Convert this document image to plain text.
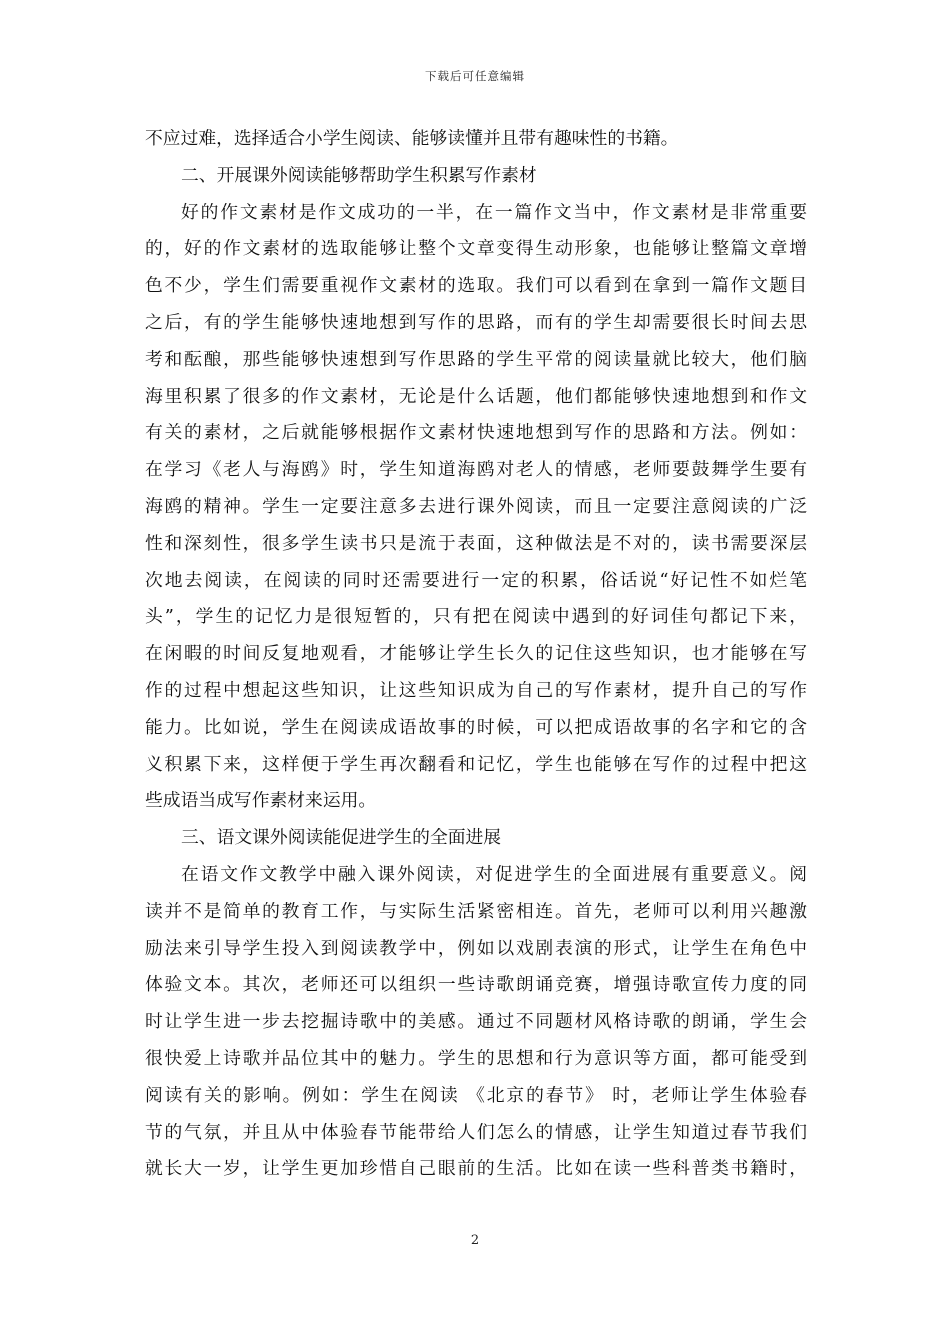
下载后可任意编辑
不应过难，选择适合小学生阅读、能够读懂并且带有趣味性的书籍。
二、开展课外阅读能够帮助学生积累写作素材
好的作文素材是作文成功的一半，在一篇作文当中，作文素材是非常重要
的，好的作文素材的选取能够让整个文章变得生动形象，也能够让整篇文章增
色不少，学生们需要重视作文素材的选取。我们可以看到在拿到一篇作文题目
之后，有的学生能够快速地想到写作的思路，而有的学生却需要很长时间去思
考和酝酿，那些能够快速想到写作思路的学生平常的阅读量就比较大，他们脑
海里积累了很多的作文素材，无论是什么话题，他们都能够快速地想到和作文
有关的素材，之后就能够根据作文素材快速地想到写作的思路和方法。例如：
在学习《老人与海鸥》时，学生知道海鸥对老人的情感，老师要鼓舞学生要有
海鸥的精神。学生一定要注意多去进行课外阅读，而且一定要注意阅读的广泛
性和深刻性，很多学生读书只是流于表面，这种做法是不对的，读书需要深层
次地去阅读，在阅读的同时还需要进行一定的积累，俗话说“好记性不如烂笔
头”，学生的记忆力是很短暂的，只有把在阅读中遇到的好词佳句都记下来，
在闲暇的时间反复地观看，才能够让学生长久的记住这些知识，也才能够在写
作的过程中想起这些知识，让这些知识成为自己的写作素材，提升自己的写作
能力。比如说，学生在阅读成语故事的时候，可以把成语故事的名字和它的含
义积累下来，这样便于学生再次翻看和记忆，学生也能够在写作的过程中把这
些成语当成写作素材来运用。
三、语文课外阅读能促进学生的全面进展
在语文作文教学中融入课外阅读，对促进学生的全面进展有重要意义。阅
读并不是简单的教育工作，与实际生活紧密相连。首先，老师可以利用兴趣激
励法来引导学生投入到阅读教学中，例如以戏剧表演的形式，让学生在角色中
体验文本。其次，老师还可以组织一些诗歌朗诵竞赛，增强诗歌宣传力度的同
时让学生进一步去挖掘诗歌中的美感。通过不同题材风格诗歌的朗诵，学生会
很快爱上诗歌并品位其中的魅力。学生的思想和行为意识等方面，都可能受到
阅读有关的影响。例如：学生在阅读 《北京的春节》 时，老师让学生体验春
节的气氛，并且从中体验春节能带给人们怎么的情感，让学生知道过春节我们
就长大一岁，让学生更加珍惜自己眼前的生活。比如在读一些科普类书籍时，
2
